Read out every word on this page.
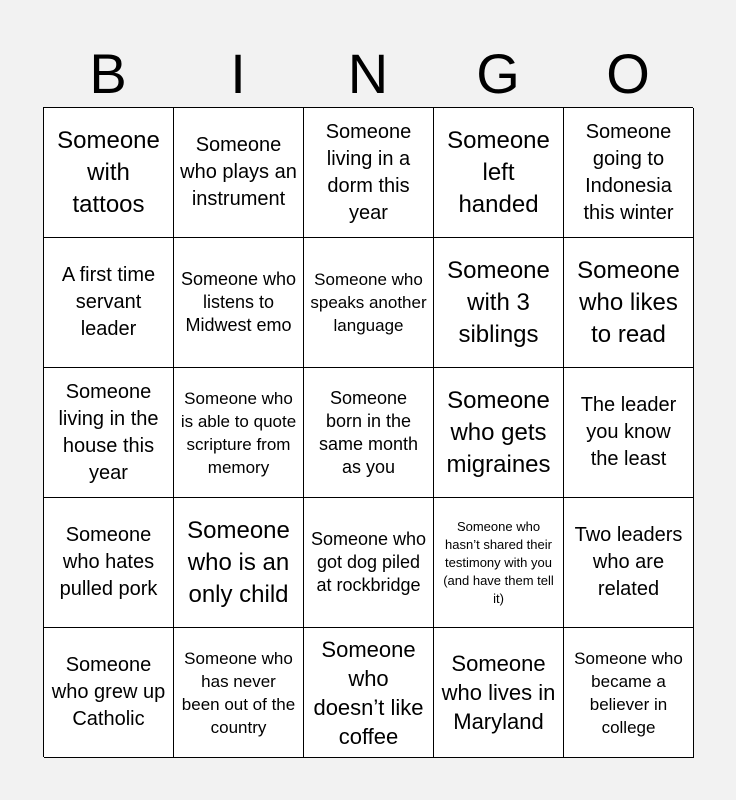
B	I	N	G	O
Someone with tattoos
Someone who plays an instrument
Someone living in a dorm this year
Someone left handed
Someone going to Indonesia this winter
A first time servant leader
Someone who listens to Midwest emo
Someone who speaks another language
Someone with 3 siblings
Someone who likes to read
Someone living in the house this year
Someone who is able to quote scripture from memory
Someone born in the same month as you
Someone who gets migraines
The leader you know the least
Someone who hates pulled pork
Someone who is an only child
Someone who got dog piled at rockbridge
Someone who hasn’t shared their testimony with you (and have them tell it)
Two leaders who are related
Someone who grew up Catholic
Someone who has never been out of the country
Someone who doesn’t like coffee
Someone who lives in Maryland
Someone who became a believer in college
